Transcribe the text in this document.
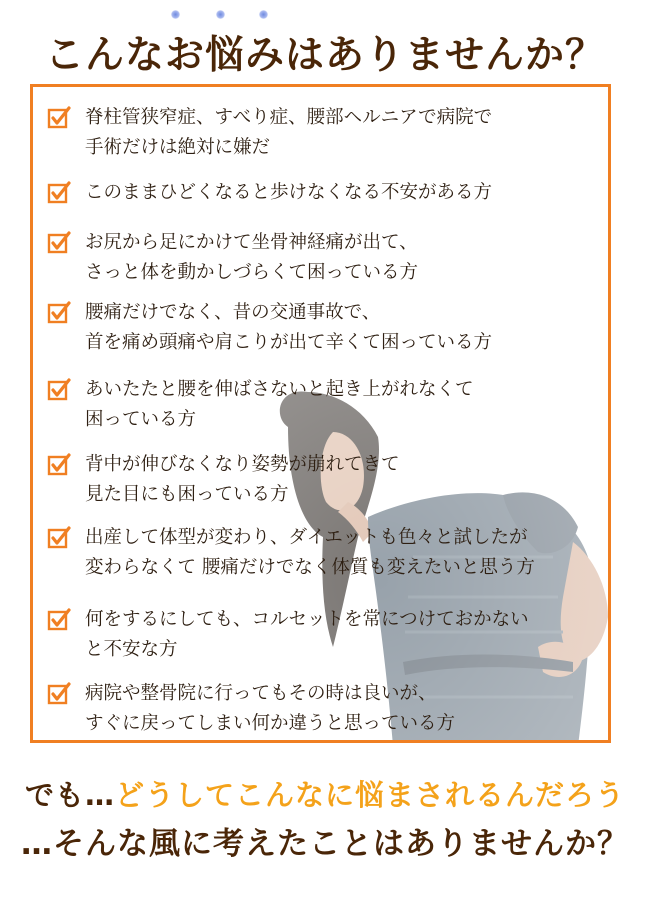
こんなお悩みはありませんか？
脊柱管狭窄症、すべり症、腰部ヘルニアで病院で
手術だけは絶対に嫌だ
このままひどくなると歩けなくなる不安がある方
お尻から足にかけて坐骨神経痛が出て、
さっと体を動かしづらくて困っている方
腰痛だけでなく、昔の交通事故で、
首を痛め頭痛や肩こりが出て辛くて困っている方
あいたたと腰を伸ばさないと起き上がれなくて
困っている方
背中が伸びなくなり姿勢が崩れてきて
見た目にも困っている方
出産して体型が変わり、ダイエットも色々と試したが
変わらなくて 腰痛だけでなく体質も変えたいと思う方
何をするにしても、コルセットを常につけておかない
と不安な方
病院や整骨院に行ってもその時は良いが、
すぐに戻ってしまい何か違うと思っている方
でも…どうしてこんなに悩まされるんだろう
…そんな風に考えたことはありませんか？
